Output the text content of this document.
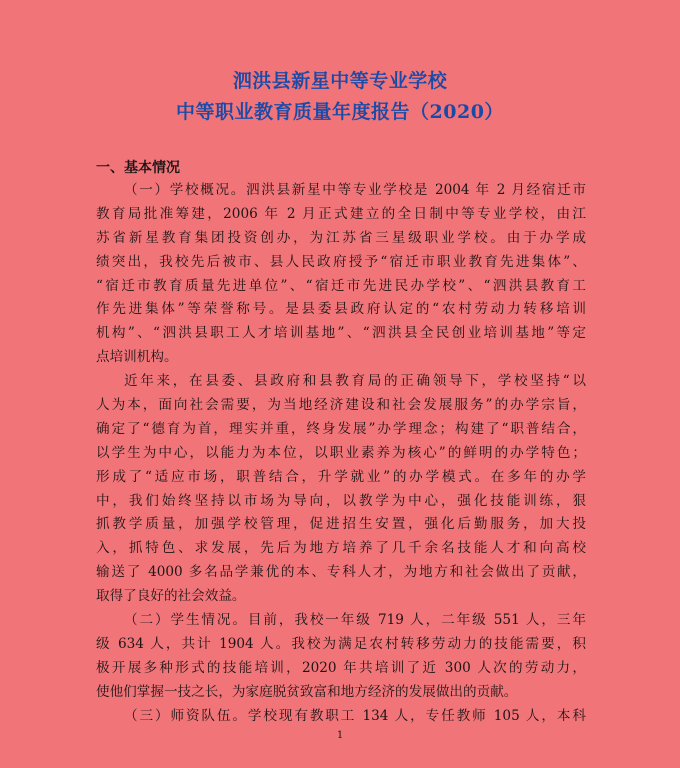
泗洪县新星中等专业学校
中等职业教育质量年度报告（2020）
一、基本情况
（一）学校概况。泗洪县新星中等专业学校是 2004 年 2 月经宿迁市
教育局批准筹建，2006 年 2 月正式建立的全日制中等专业学校，由江
苏省新星教育集团投资创办，为江苏省三星级职业学校。由于办学成
绩突出，我校先后被市、县人民政府授予“宿迁市职业教育先进集体”、
“宿迁市教育质量先进单位”、“宿迁市先进民办学校”、“泗洪县教育工
作先进集体”等荣誉称号。是县委县政府认定的“农村劳动力转移培训
机构”、“泗洪县职工人才培训基地”、“泗洪县全民创业培训基地”等定
点培训机构。
近年来，在县委、县政府和县教育局的正确领导下，学校坚持“以
人为本，面向社会需要，为当地经济建设和社会发展服务”的办学宗旨，
确定了“德育为首，理实并重，终身发展”办学理念；构建了“职普结合，
以学生为中心，以能力为本位，以职业素养为核心”的鲜明的办学特色；
形成了“适应市场，职普结合，升学就业”的办学模式。在多年的办学
中，我们始终坚持以市场为导向，以教学为中心，强化技能训练，狠
抓教学质量，加强学校管理，促进招生安置，强化后勤服务，加大投
入，抓特色、求发展，先后为地方培养了几千余名技能人才和向高校
输送了 4000 多名品学兼优的本、专科人才，为地方和社会做出了贡献，
取得了良好的社会效益。
（二）学生情况。目前，我校一年级 719 人，二年级 551 人，三年
级 634 人，共计 1904 人。我校为满足农村转移劳动力的技能需要，积
极开展多种形式的技能培训，2020 年共培训了近 300 人次的劳动力，
使他们掌握一技之长，为家庭脱贫致富和地方经济的发展做出的贡献。
（三）师资队伍。学校现有教职工 134 人，专任教师 105 人，本科
1
